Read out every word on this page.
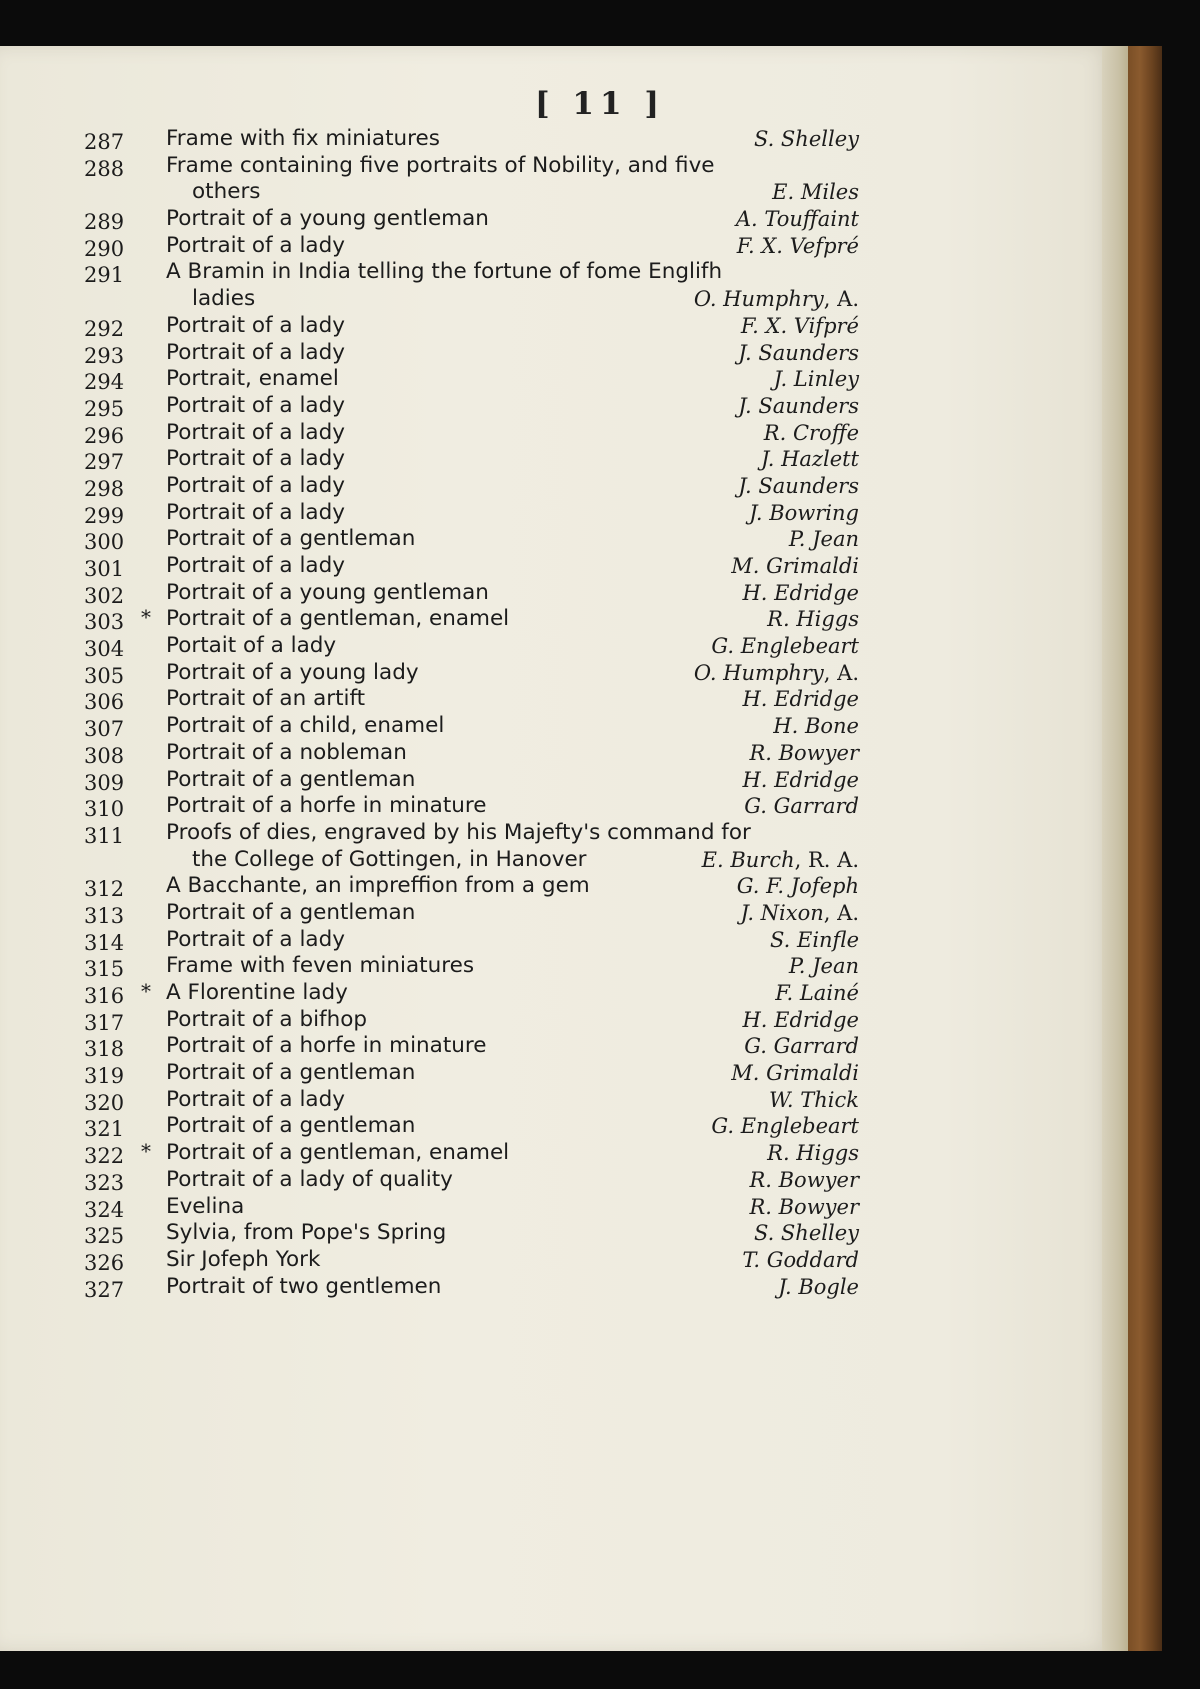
[ 11 ]
287 Frame with fix miniatures	S. Shelley
288 Frame containing five portraits of Nobility, and five
others	E. Miles
289 Portrait of a young gentleman	A. Touffaint
290 Portrait of a lady	F. X. Vefpré
291 A Bramin in India telling the fortune of fome Englifh
ladies	O. Humphry, A.
292 Portrait of a lady	F. X. Vifpré
293 Portrait of a lady	J. Saunders
294 Portrait, enamel	J. Linley
295 Portrait of a lady	J. Saunders
296 Portrait of a lady	R. Croffe
297 Portrait of a lady	J. Hazlett
298 Portrait of a lady	J. Saunders
299 Portrait of a lady	J. Bowring
300 Portrait of a gentleman	P. Jean
301 Portrait of a lady	M. Grimaldi
302 Portrait of a young gentleman	H. Edridge
303 * Portrait of a gentleman, enamel	R. Higgs
304 Portait of a lady	G. Englebeart
305 Portrait of a young lady	O. Humphry, A.
306 Portrait of an artift	H. Edridge
307 Portrait of a child, enamel	H. Bone
308 Portrait of a nobleman	R. Bowyer
309 Portrait of a gentleman	H. Edridge
310 Portrait of a horfe in minature	G. Garrard
311 Proofs of dies, engraved by his Majefty's command for
the College of Gottingen, in Hanover	E. Burch, R. A.
312 A Bacchante, an impreffion from a gem	G. F. Jofeph
313 Portrait of a gentleman	J. Nixon, A.
314 Portrait of a lady	S. Einfle
315 Frame with feven miniatures	P. Jean
316 * A Florentine lady	F. Lainé
317 Portrait of a bifhop	H. Edridge
318 Portrait of a horfe in minature	G. Garrard
319 Portrait of a gentleman	M. Grimaldi
320 Portrait of a lady	W. Thick
321 Portrait of a gentleman	G. Englebeart
322 * Portrait of a gentleman, enamel	R. Higgs
323 Portrait of a lady of quality	R. Bowyer
324 Evelina	R. Bowyer
325 Sylvia, from Pope's Spring	S. Shelley
326 Sir Jofeph York	T. Goddard
327 Portrait of two gentlemen	J. Bogle
